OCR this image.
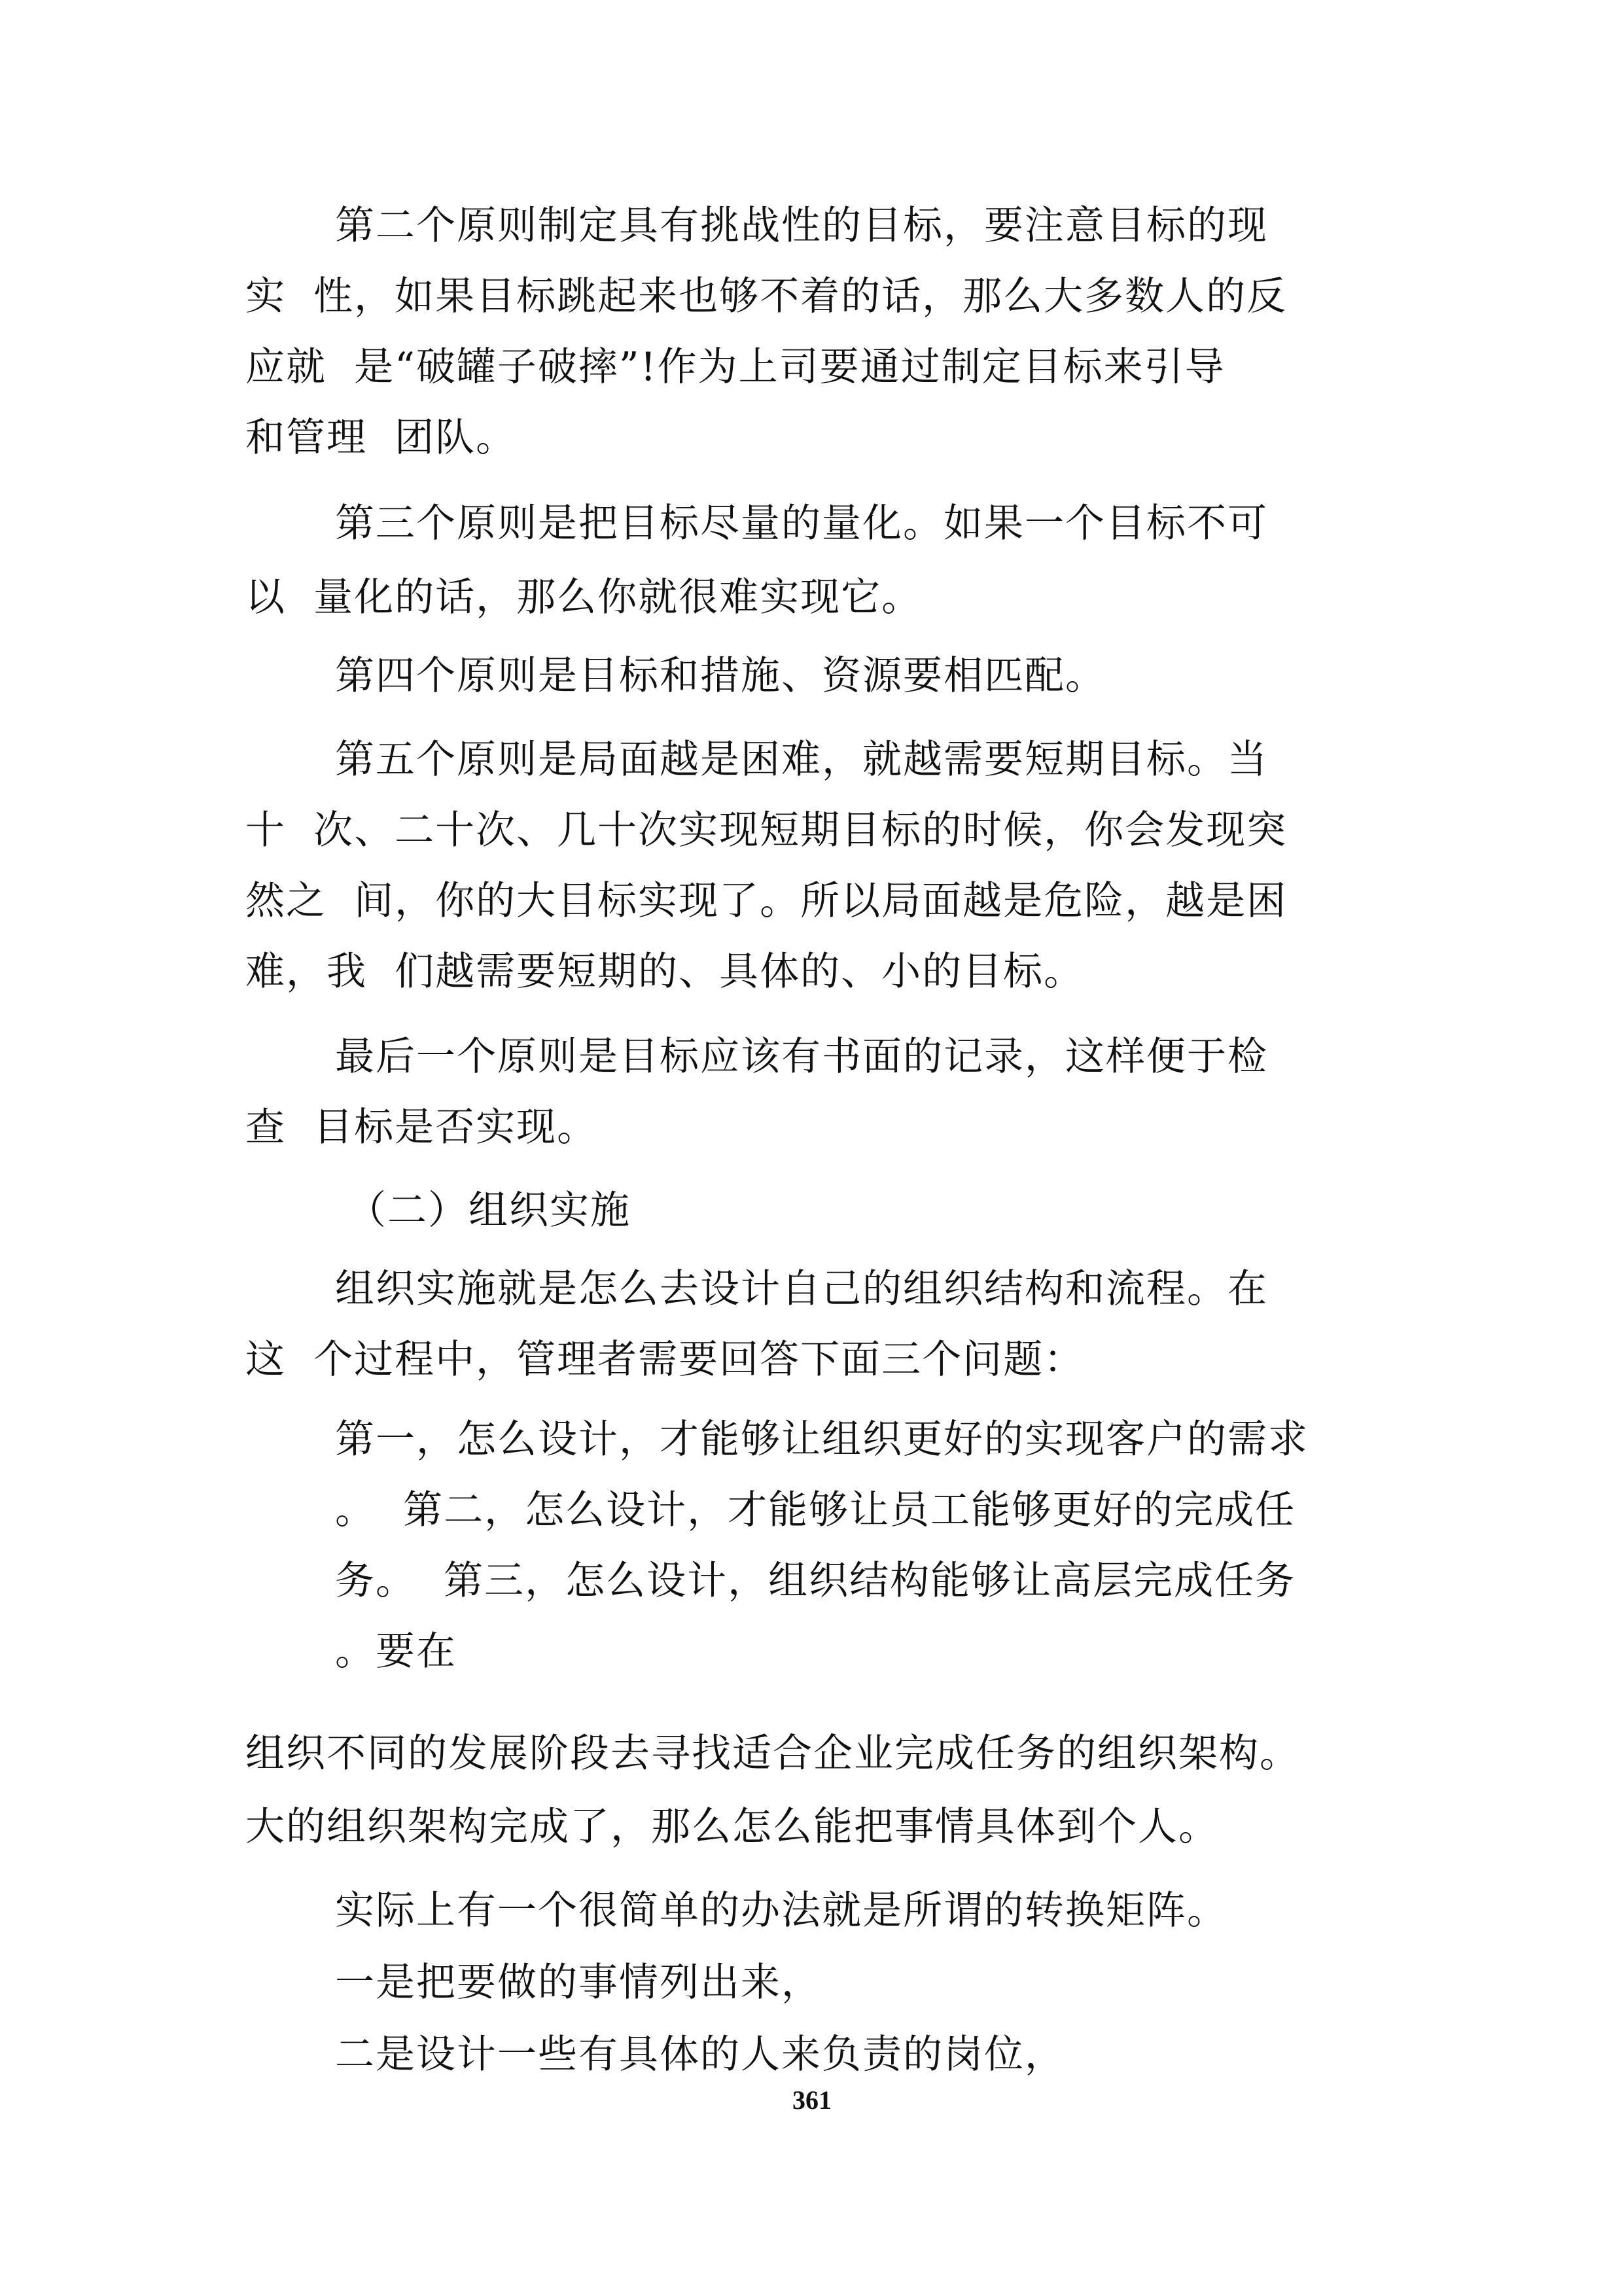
第二个原则制定具有挑战性的目标，要注意目标的现
实  性，如果目标跳起来也够不着的话，那么大多数人的反
应就  是“破罐子破摔”!作为上司要通过制定目标来引导
和管理  团队。
第三个原则是把目标尽量的量化。如果一个目标不可
以  量化的话，那么你就很难实现它。
第四个原则是目标和措施、资源要相匹配。
第五个原则是局面越是困难，就越需要短期目标。当
十  次、二十次、几十次实现短期目标的时候，你会发现突
然之  间，你的大目标实现了。所以局面越是危险，越是困
难，我  们越需要短期的、具体的、小的目标。
最后一个原则是目标应该有书面的记录，这样便于检
查  目标是否实现。
（二）组织实施
组织实施就是怎么去设计自己的组织结构和流程。在
这  个过程中，管理者需要回答下面三个问题：
第一，怎么设计，才能够让组织更好的实现客户的需求
。  第二，怎么设计，才能够让员工能够更好的完成任
务。  第三，怎么设计，组织结构能够让高层完成任务
。要在
组织不同的发展阶段去寻找适合企业完成任务的组织架构。
大的组织架构完成了，那么怎么能把事情具体到个人。
实际上有一个很简单的办法就是所谓的转换矩阵。
一是把要做的事情列出来，
二是设计一些有具体的人来负责的岗位，
361
